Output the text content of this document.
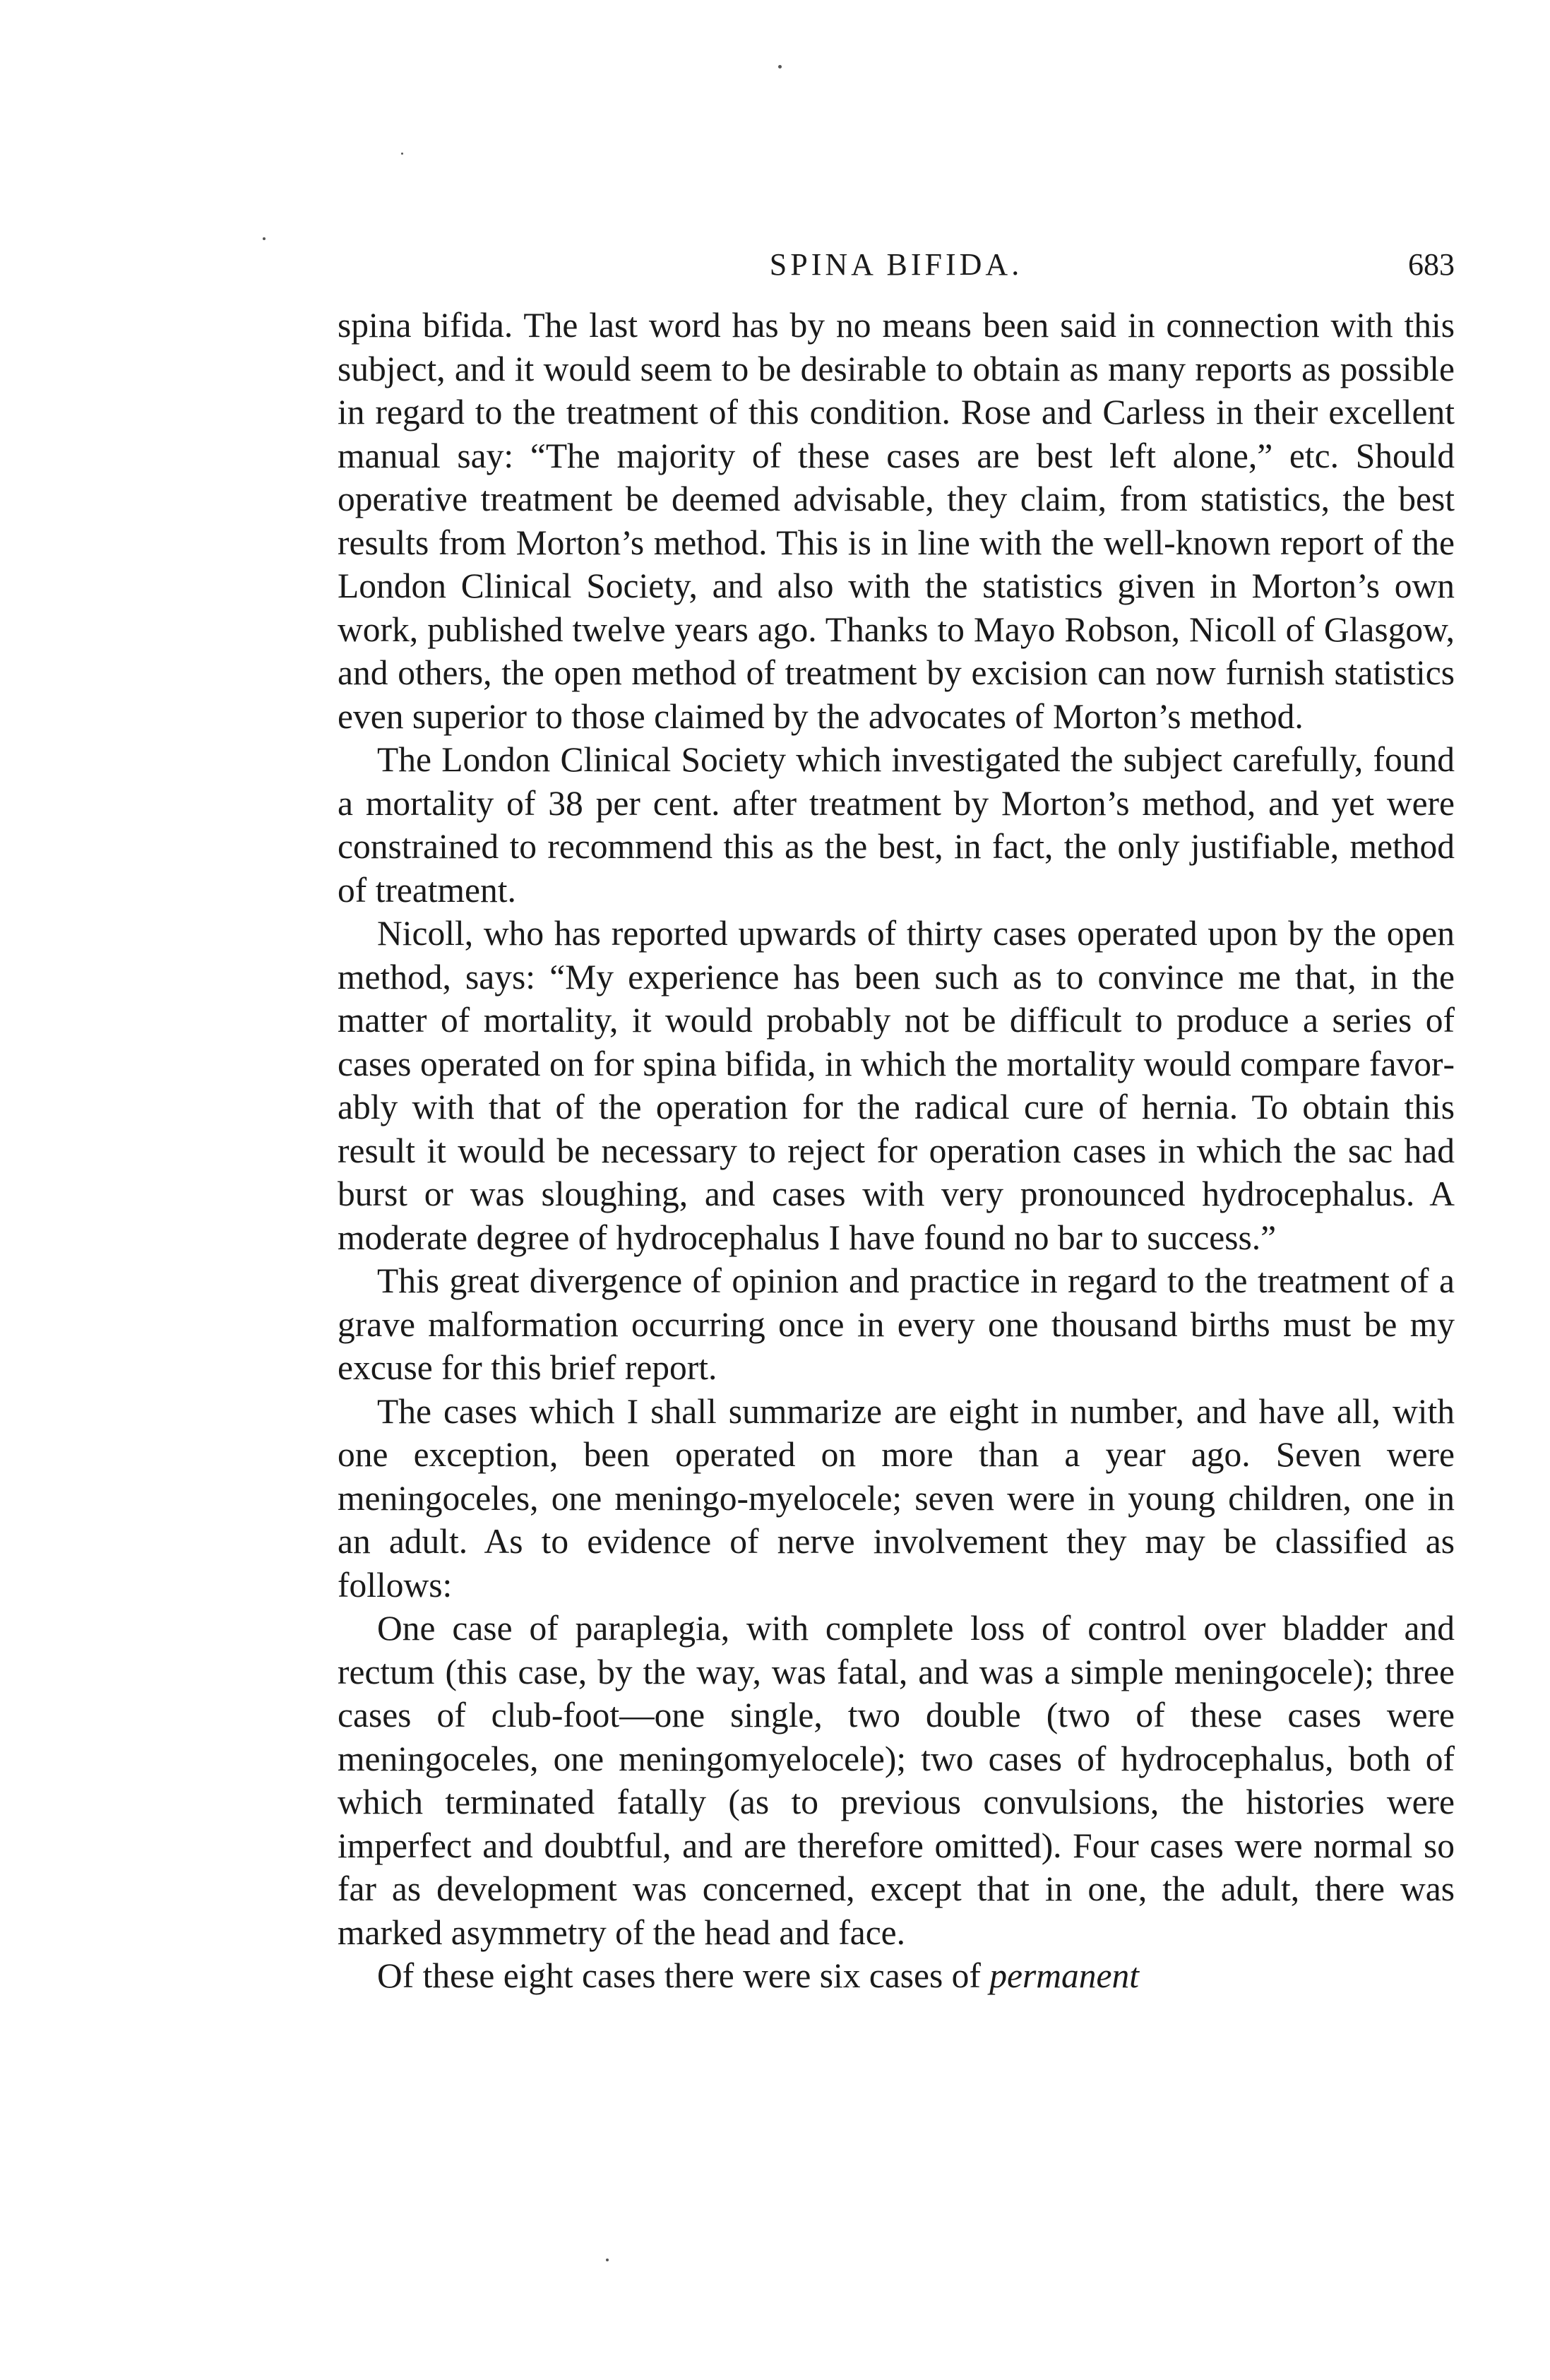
SPINA BIFIDA.	683

spina bifida. The last word has by no means been said in connection with this subject, and it would seem to be desirable to obtain as many reports as possible in regard to the treatment of this condition. Rose and Carless in their excellent manual say: “The majority of these cases are best left alone,” etc. Should operative treatment be deemed advisable, they claim, from statistics, the best results from Morton’s method. This is in line with the well-known report of the London Clinical Society, and also with the statistics given in Morton’s own work, published twelve years ago. Thanks to Mayo Robson, Nicoll of Glasgow, and others, the open method of treatment by excision can now furnish statistics even superior to those claimed by the advocates of Morton’s method.

The London Clinical Society which investigated the subject carefully, found a mortality of 38 per cent. after treatment by Morton’s method, and yet were constrained to recommend this as the best, in fact, the only justifiable, method of treatment.

Nicoll, who has reported upwards of thirty cases operated upon by the open method, says: “My experience has been such as to convince me that, in the matter of mortality, it would probably not be difficult to produce a series of cases operated on for spina bifida, in which the mortality would compare favorably with that of the operation for the radical cure of hernia. To obtain this result it would be necessary to reject for operation cases in which the sac had burst or was sloughing, and cases with very pronounced hydrocephalus. A moderate degree of hydrocephalus I have found no bar to success.”

This great divergence of opinion and practice in regard to the treatment of a grave malformation occurring once in every one thousand births must be my excuse for this brief report.

The cases which I shall summarize are eight in number, and have all, with one exception, been operated on more than a year ago. Seven were meningoceles, one meningo-myelocele; seven were in young children, one in an adult. As to evidence of nerve involvement they may be classified as follows:

One case of paraplegia, with complete loss of control over bladder and rectum (this case, by the way, was fatal, and was a simple meningocele); three cases of club-foot—one single, two double (two of these cases were meningoceles, one meningomyelocele); two cases of hydrocephalus, both of which terminated fatally (as to previous convulsions, the histories were imperfect and doubtful, and are therefore omitted). Four cases were normal so far as development was concerned, except that in one, the adult, there was marked asymmetry of the head and face.

Of these eight cases there were six cases of permanent
